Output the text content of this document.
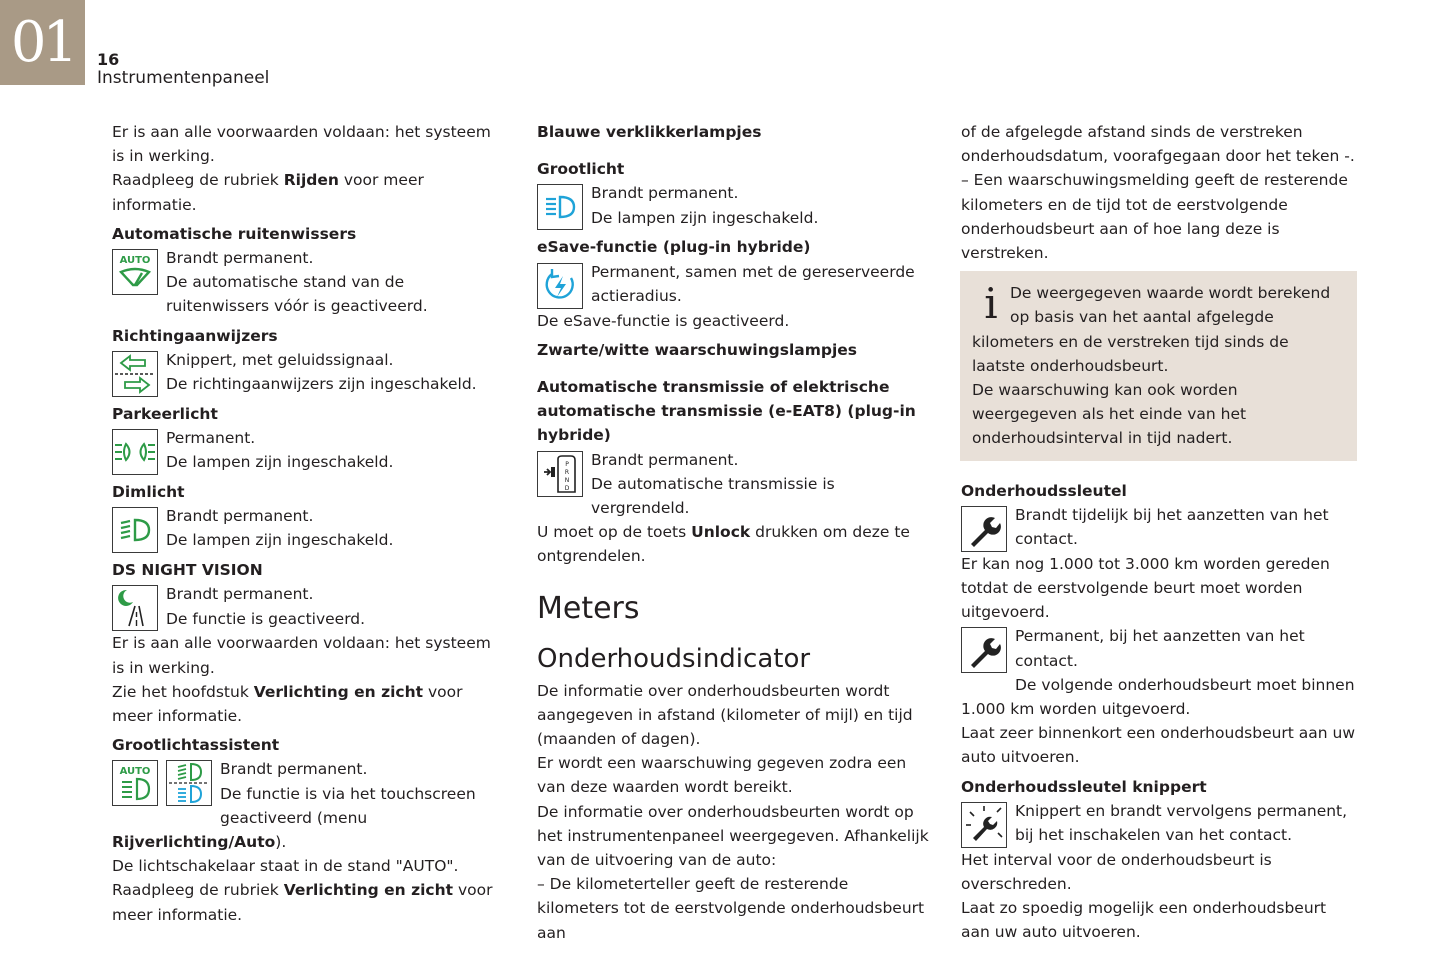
01	16
Instrumentenpaneel

Er is aan alle voorwaarden voldaan: het systeem is in werking.

Raadpleeg de rubriek Rijden voor meer informatie.

Automatische ruitenwissers

AUTO	Brandt permanent.

De automatische stand van de ruitenwissers vóór is geactiveerd.

Richtingaanwijzers

Knippert, met geluidssignaal.

De richtingaanwijzers zijn ingeschakeld.

Parkeerlicht

Permanent.

De lampen zijn ingeschakeld.

Dimlicht

Brandt permanent.

De lampen zijn ingeschakeld.

DS NIGHT VISION

Brandt permanent.

De functie is geactiveerd.

Er is aan alle voorwaarden voldaan: het systeem is in werking.

Zie het hoofdstuk Verlichting en zicht voor meer informatie.

Grootlichtassistent

AUTO	Brandt permanent.

De functie is via het touchscreen geactiveerd (menu Rijverlichting/Auto).

De lichtschakelaar staat in de stand "AUTO".

Raadpleeg de rubriek Verlichting en zicht voor meer informatie.

Blauwe verklikkerlampjes

Grootlicht

Brandt permanent.

De lampen zijn ingeschakeld.

eSave-functie (plug-in hybride)

Permanent, samen met de gereserveerde actieradius.

De eSave-functie is geactiveerd.

Zwarte/witte waarschuwingslampjes

Automatische transmissie of elektrische automatische transmissie (e-EAT8) (plug-in hybride)

P
R
N
D

Brandt permanent.

De automatische transmissie is vergrendeld.

U moet op de toets Unlock drukken om deze te ontgrendelen.

Meters
Onderhoudsindicator

De informatie over onderhoudsbeurten wordt aangegeven in afstand (kilometer of mijl) en tijd (maanden of dagen).

Er wordt een waarschuwing gegeven zodra een van deze waarden wordt bereikt.

De informatie over onderhoudsbeurten wordt op het instrumentenpaneel weergegeven. Afhankelijk van de uitvoering van de auto:

– De kilometerteller geeft de resterende kilometers tot de eerstvolgende onderhoudsbeurt aan

of de afgelegde afstand sinds de verstreken onderhoudsdatum, voorafgegaan door het teken -.

– Een waarschuwingsmelding geeft de resterende kilometers en de tijd tot de eerstvolgende onderhoudsbeurt aan of hoe lang deze is verstreken.

i De weergegeven waarde wordt berekend op basis van het aantal afgelegde kilometers en de verstreken tijd sinds de laatste onderhoudsbeurt.

De waarschuwing kan ook worden weergegeven als het einde van het onderhoudsinterval in tijd nadert.

Onderhoudssleutel

Brandt tijdelijk bij het aanzetten van het contact.

Er kan nog 1.000 tot 3.000 km worden gereden totdat de eerstvolgende beurt moet worden uitgevoerd.

Permanent, bij het aanzetten van het contact.

De volgende onderhoudsbeurt moet binnen 1.000 km worden uitgevoerd.

Laat zeer binnenkort een onderhoudsbeurt aan uw auto uitvoeren.

Onderhoudssleutel knippert

Knippert en brandt vervolgens permanent, bij het inschakelen van het contact.

Het interval voor de onderhoudsbeurt is overschreden.

Laat zo spoedig mogelijk een onderhoudsbeurt aan uw auto uitvoeren.
